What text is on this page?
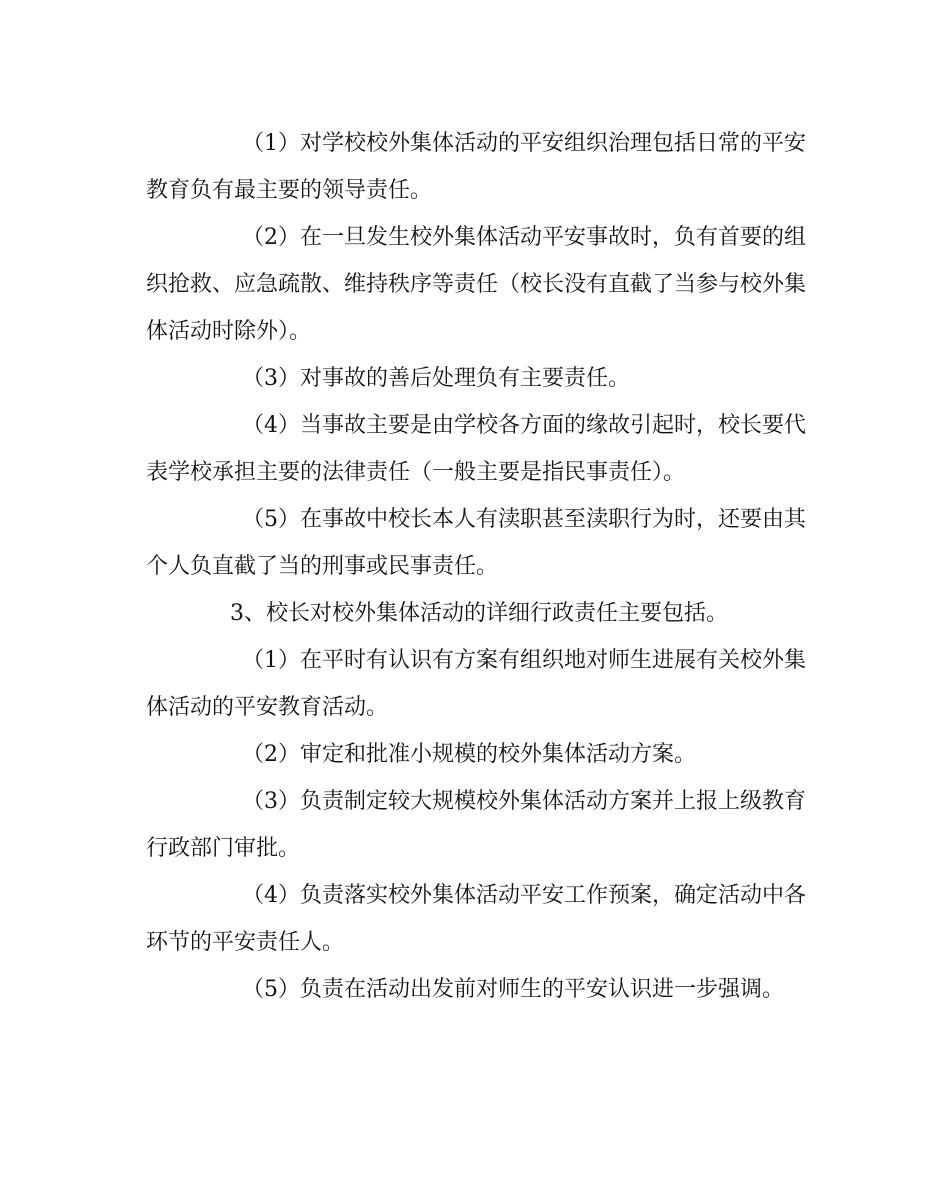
（1）对学校校外集体活动的平安组织治理包括日常的平安
教育负有最主要的领导责任。
（2）在一旦发生校外集体活动平安事故时，负有首要的组
织抢救、应急疏散、维持秩序等责任（校长没有直截了当参与校外集
体活动时除外）。
（3）对事故的善后处理负有主要责任。
（4）当事故主要是由学校各方面的缘故引起时，校长要代
表学校承担主要的法律责任（一般主要是指民事责任）。
（5）在事故中校长本人有渎职甚至渎职行为时，还要由其
个人负直截了当的刑事或民事责任。
3、校长对校外集体活动的详细行政责任主要包括。
（1）在平时有认识有方案有组织地对师生进展有关校外集
体活动的平安教育活动。
（2）审定和批准小规模的校外集体活动方案。
（3）负责制定较大规模校外集体活动方案并上报上级教育
行政部门审批。
（4）负责落实校外集体活动平安工作预案，确定活动中各
环节的平安责任人。
（5）负责在活动出发前对师生的平安认识进一步强调。
